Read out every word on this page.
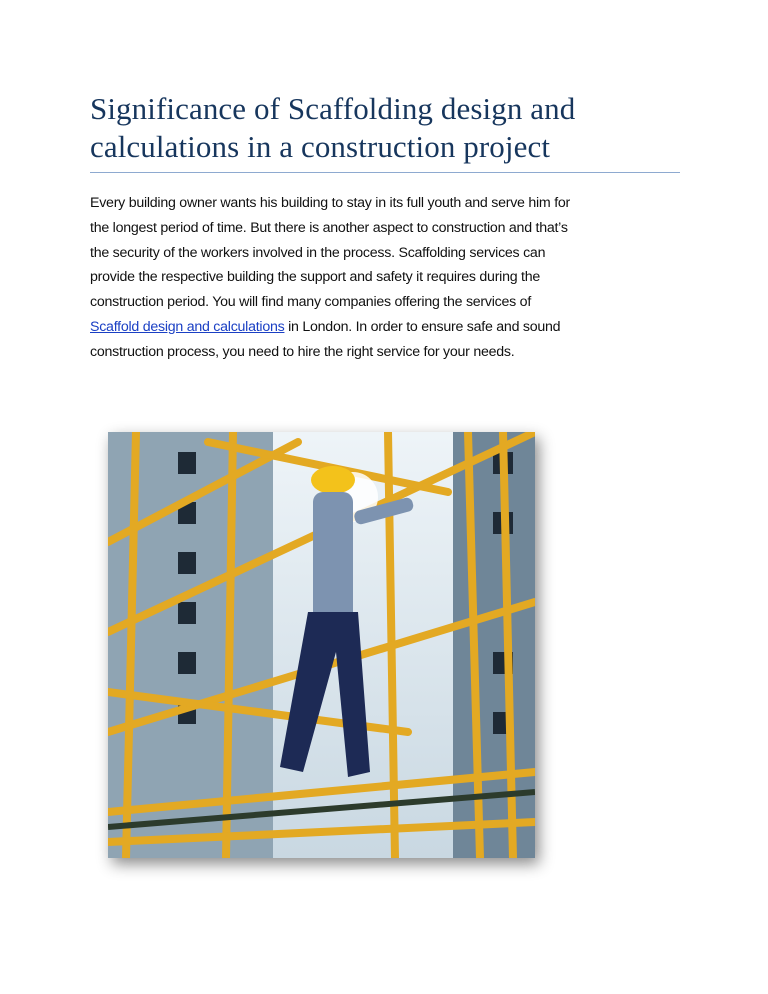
Significance of Scaffolding design and
calculations in a construction project
Every building owner wants his building to stay in its full youth and serve him for
the longest period of time. But there is another aspect to construction and that’s
the security of the workers involved in the process. Scaffolding services can
provide the respective building the support and safety it requires during the
construction period. You will find many companies offering the services of
Scaffold design and calculations in London. In order to ensure safe and sound
construction process, you need to hire the right service for your needs.
